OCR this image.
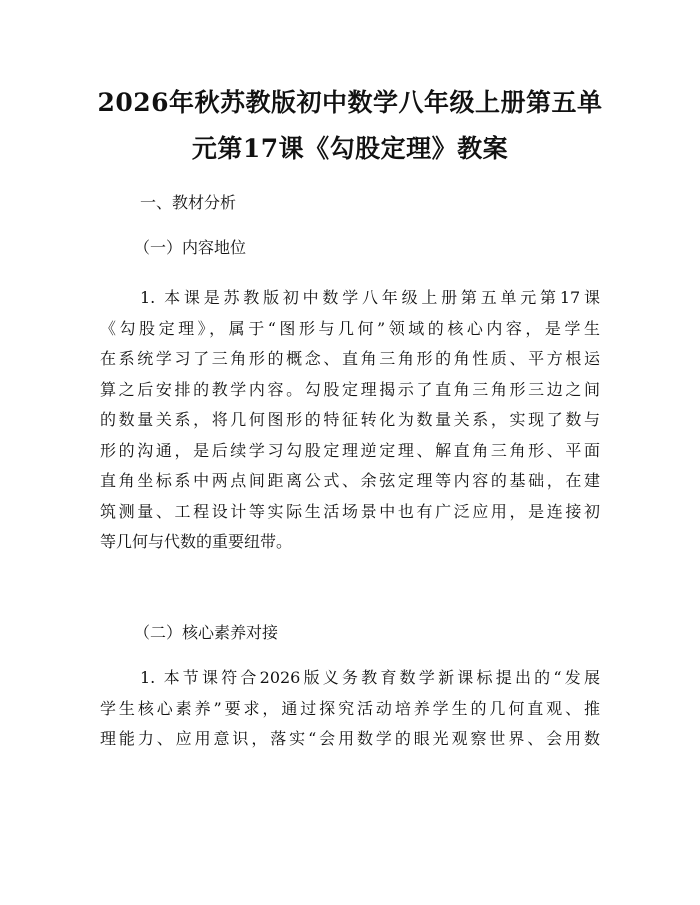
2026年秋苏教版初中数学八年级上册第五单
元第17课《勾股定理》教案

一、教材分析

（一）内容地位

1. 本课是苏教版初中数学八年级上册第五单元第17课
《勾股定理》，属于“图形与几何”领域的核心内容，是学生
在系统学习了三角形的概念、直角三角形的角性质、平方根运
算之后安排的教学内容。勾股定理揭示了直角三角形三边之间
的数量关系，将几何图形的特征转化为数量关系，实现了数与
形的沟通，是后续学习勾股定理逆定理、解直角三角形、平面
直角坐标系中两点间距离公式、余弦定理等内容的基础，在建
筑测量、工程设计等实际生活场景中也有广泛应用，是连接初
等几何与代数的重要纽带。

（二）核心素养对接

1. 本节课符合2026版义务教育数学新课标提出的“发展
学生核心素养”要求，通过探究活动培养学生的几何直观、推
理能力、应用意识，落实“会用数学的眼光观察世界、会用数
